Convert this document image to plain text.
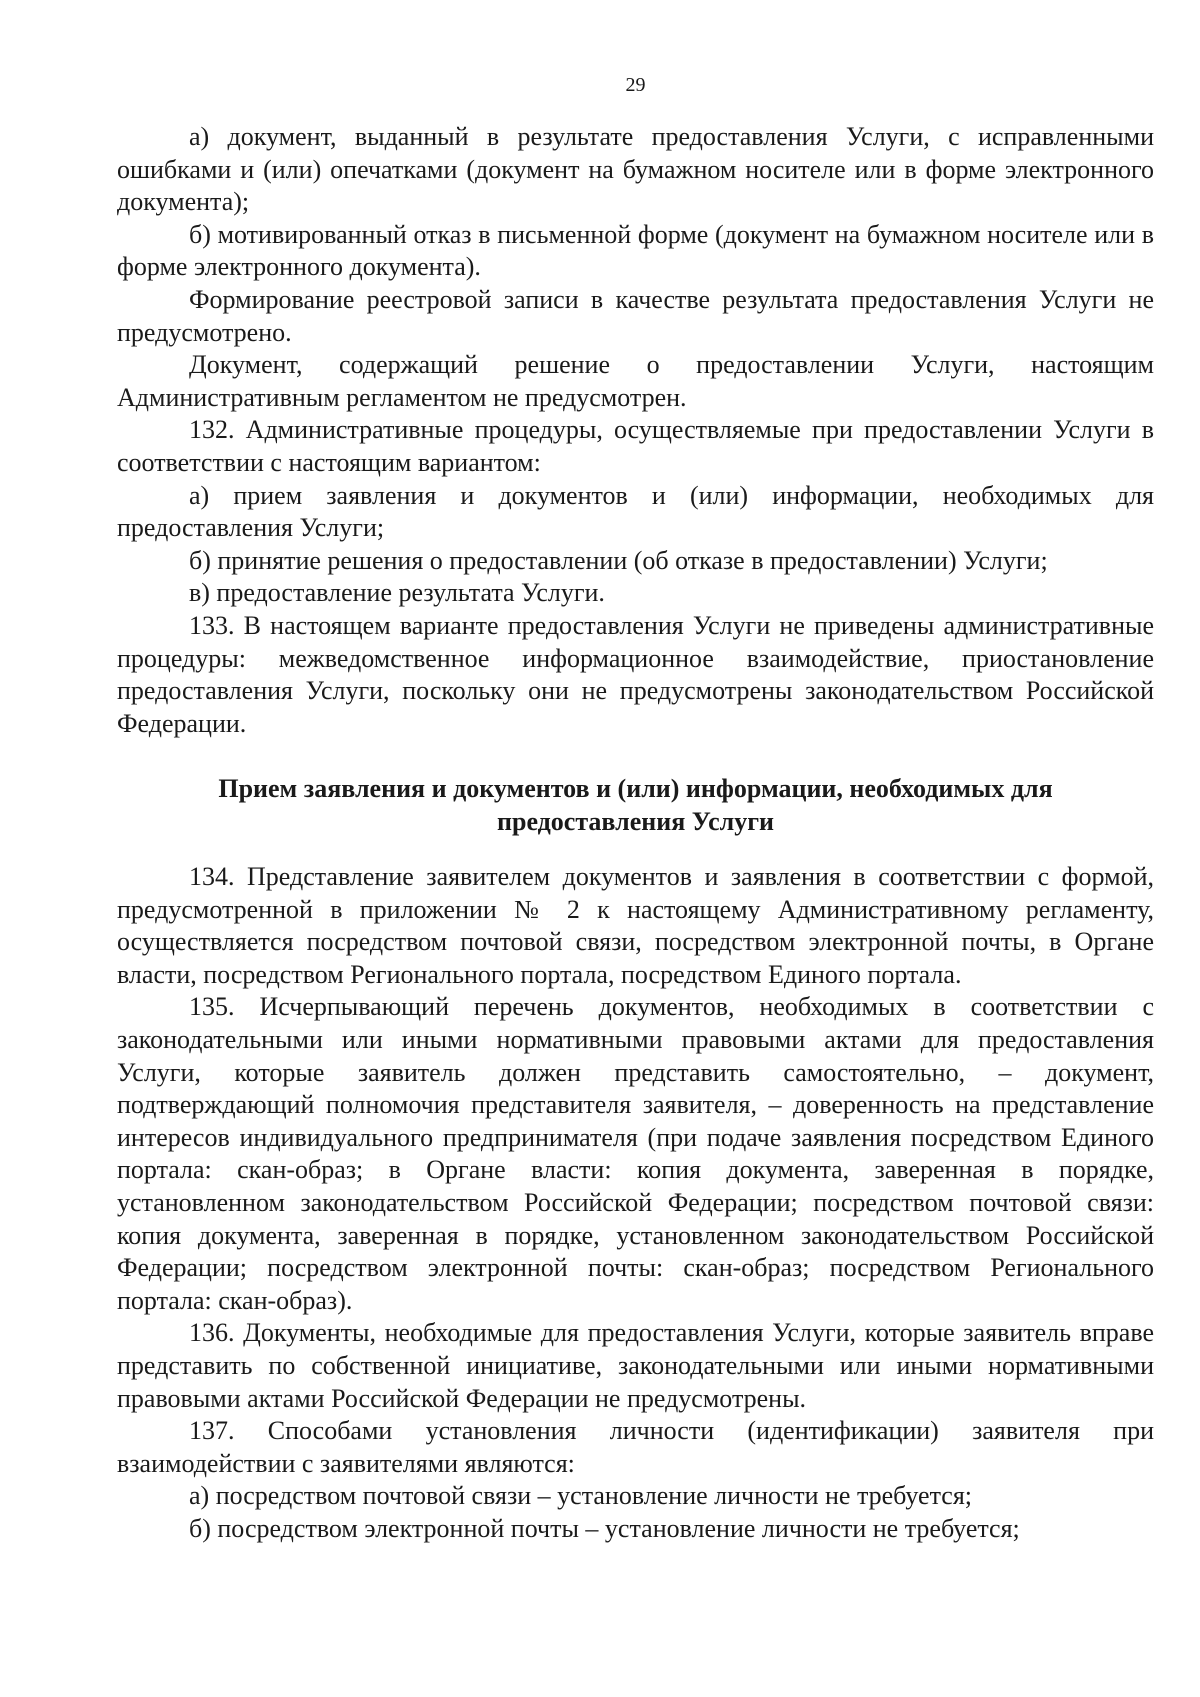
29

а) документ, выданный в результате предоставления Услуги, с исправленными ошибками и (или) опечатками (документ на бумажном носителе или в форме электронного документа);

б) мотивированный отказ в письменной форме (документ на бумажном носителе или в форме электронного документа).

Формирование реестровой записи в качестве результата предоставления Услуги не предусмотрено.

Документ, содержащий решение о предоставлении Услуги, настоящим Административным регламентом не предусмотрен.

132. Административные процедуры, осуществляемые при предоставлении Услуги в соответствии с настоящим вариантом:

а) прием заявления и документов и (или) информации, необходимых для предоставления Услуги;

б) принятие решения о предоставлении (об отказе в предоставлении) Услуги;

в) предоставление результата Услуги.

133. В настоящем варианте предоставления Услуги не приведены административные процедуры: межведомственное информационное взаимодействие, приостановление предоставления Услуги, поскольку они не предусмотрены законодательством Российской Федерации.

Прием заявления и документов и (или) информации, необходимых для
предоставления Услуги

134. Представление заявителем документов и заявления в соответствии с формой, предусмотренной в приложении № 2 к настоящему Административному регламенту, осуществляется посредством почтовой связи, посредством электронной почты, в Органе власти, посредством Регионального портала, посредством Единого портала.

135. Исчерпывающий перечень документов, необходимых в соответствии с законодательными или иными нормативными правовыми актами для предоставления Услуги, которые заявитель должен представить самостоятельно, – документ, подтверждающий полномочия представителя заявителя, – доверенность на представление интересов индивидуального предпринимателя (при подаче заявления посредством Единого портала: скан-образ; в Органе власти: копия документа, заверенная в порядке, установленном законодательством Российской Федерации; посредством почтовой связи: копия документа, заверенная в порядке, установленном законодательством Российской Федерации; посредством электронной почты: скан-образ; посредством Регионального портала: скан-образ).

136. Документы, необходимые для предоставления Услуги, которые заявитель вправе представить по собственной инициативе, законодательными или иными нормативными правовыми актами Российской Федерации не предусмотрены.

137. Способами установления личности (идентификации) заявителя при взаимодействии с заявителями являются:

а) посредством почтовой связи – установление личности не требуется;

б) посредством электронной почты – установление личности не требуется;
